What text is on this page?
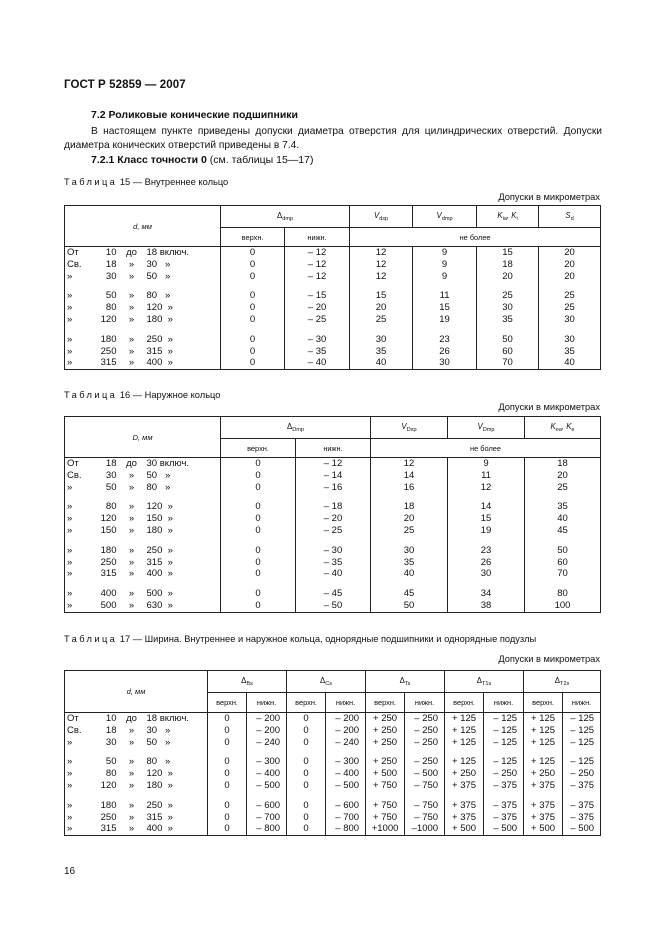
ГОСТ Р 52859 — 2007
7.2 Роликовые конические подшипники
В настоящем пункте приведены допуски диаметра отверстия для цилиндрических отверстий. Допуски диаметра конических отверстий приведены в 7.4.
7.2.1 Класс точности 0 (см. таблицы 15—17)
Таблица 15 — Внутреннее кольцо
Допуски в микрометрах
d, мм				$\Delta_{dmp}$		$V_{dsp}$	$V_{dmp}$	$K_{ia}$, $K_i$	$S_d$
				верхн.	нижн.	не более			
От	10	до	18 включ.	0	– 12	12	9	15	20
Св.	18	»	30   »	0	– 12	12	9	18	20
»	30	»	50   »	0	– 12	12	9	20	20

»	50	»	80   »	0	– 15	15	11	25	25
»	80	»	120  »	0	– 20	20	15	30	25
»	120	»	180  »	0	– 25	25	19	35	30

»	180	»	250  »	0	– 30	30	23	50	30
»	250	»	315  »	0	– 35	35	26	60	35
»	315	»	400  »	0	– 40	40	30	70	40
Таблица 16 — Наружное кольцо
Допуски в микрометрах
D, мм				$\Delta_{Dmp}$		$V_{Dsp}$	$V_{Dmp}$	$K_{ea}$, $K_e$
				верхн.	нижн.	не более		
От	18	до	30 включ.	0	– 12	12	9	18
Св.	30	»	50   »	0	– 14	14	11	20
»	50	»	80   »	0	– 16	16	12	25

»	80	»	120  »	0	– 18	18	14	35
»	120	»	150  »	0	– 20	20	15	40
»	150	»	180  »	0	– 25	25	19	45

»	180	»	250  »	0	– 30	30	23	50
»	250	»	315  »	0	– 35	35	26	60
»	315	»	400  »	0	– 40	40	30	70

»	400	»	500  »	0	– 45	45	34	80
»	500	»	630  »	0	– 50	50	38	100
Таблица 17 — Ширина. Внутреннее и наружное кольца, однорядные подшипники и однорядные подузлы
Допуски в микрометрах
d, мм				$\Delta_{Bs}$		$\Delta_{Cs}$		$\Delta_{Ts}$		$\Delta_{T1s}$		$\Delta_{T2s}$
				верхн.	нижн.	верхн.	нижн.	верхн.	нижн.	верхн.	нижн.	верхн.	нижн.
От	10	до	18 включ.	0	– 200	0	– 200	+ 250	– 250	+ 125	– 125	+ 125	– 125
Св.	18	»	30   »	0	– 200	0	– 200	+ 250	– 250	+ 125	– 125	+ 125	– 125
»	30	»	50   »	0	– 240	0	– 240	+ 250	– 250	+ 125	– 125	+ 125	– 125

»	50	»	80   »	0	– 300	0	– 300	+ 250	– 250	+ 125	– 125	+ 125	– 125
»	80	»	120  »	0	– 400	0	– 400	+ 500	– 500	+ 250	– 250	+ 250	– 250
»	120	»	180  »	0	– 500	0	– 500	+ 750	– 750	+ 375	– 375	+ 375	– 375

»	180	»	250  »	0	– 600	0	– 600	+ 750	– 750	+ 375	– 375	+ 375	– 375
»	250	»	315  »	0	– 700	0	– 700	+ 750	– 750	+ 375	– 375	+ 375	– 375
»	315	»	400  »	0	– 800	0	– 800	+1000	–1000	+ 500	– 500	+ 500	– 500
16
